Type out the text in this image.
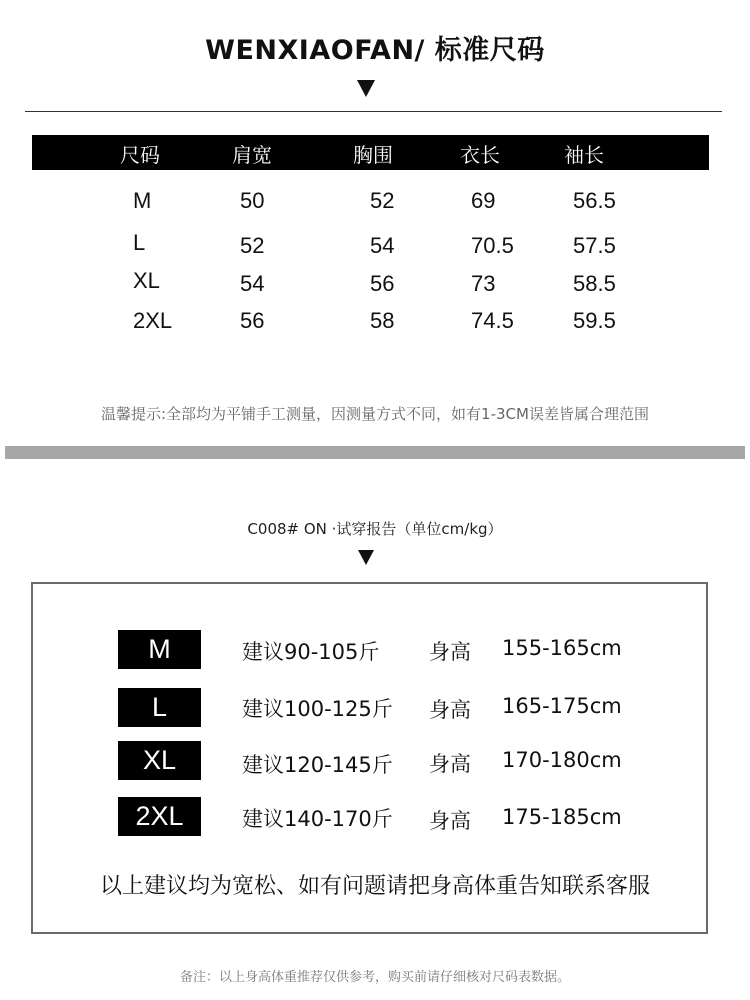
WENXIAOFAN/ 标准尺码
尺码	肩宽	胸围	衣长	袖长
M	50	52	69	56.5
L	52	54	70.5	57.5
XL	54	56	73	58.5
2XL	56	58	74.5	59.5
温馨提示:全部均为平铺手工测量，因测量方式不同，如有1-3CM误差皆属合理范围
C008# ON ·试穿报告（单位cm/kg）
M	建议90-105斤 身高 155-165cm
L	建议100-125斤 身高 165-175cm
XL	建议120-145斤 身高 170-180cm
2XL	建议140-170斤 身高 175-185cm
以上建议均为宽松、如有问题请把身高体重告知联系客服
备注：以上身高体重推荐仅供参考，购买前请仔细核对尺码表数据。
